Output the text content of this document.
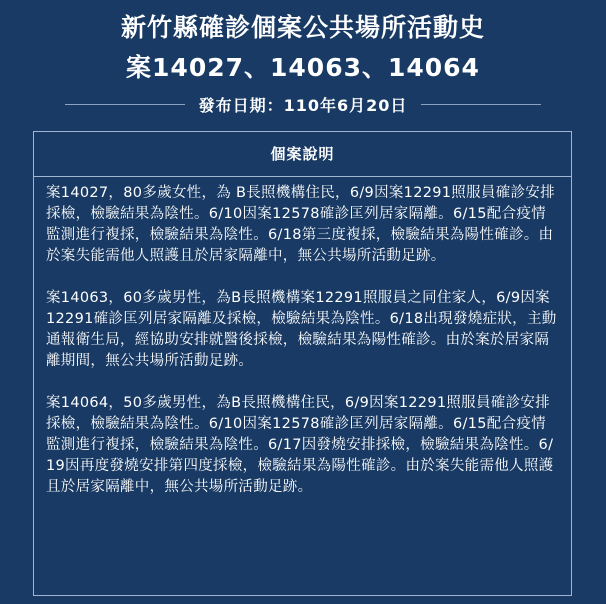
新竹縣確診個案公共場所活動史
案14027、14063、14064
發布日期：110年6月20日
個案說明

案14027，80多歲女性，為 B長照機構住民，6/9因案12291照服員確診安排採檢，檢驗結果為陰性。6/10因案12578確診匡列居家隔離。6/15配合疫情監測進行複採，檢驗結果為陰性。6/18第三度複採，檢驗結果為陽性確診。由於案失能需他人照護且於居家隔離中，無公共場所活動足跡。

案14063，60多歲男性，為B長照機構案12291照服員之同住家人，6/9因案12291確診匡列居家隔離及採檢，檢驗結果為陰性。6/18出現發燒症狀，主動通報衛生局，經協助安排就醫後採檢，檢驗結果為陽性確診。由於案於居家隔離期間，無公共場所活動足跡。

案14064，50多歲男性，為B長照機構住民，6/9因案12291照服員確診安排採檢，檢驗結果為陰性。6/10因案12578確診匡列居家隔離。6/15配合疫情監測進行複採，檢驗結果為陰性。6/17因發燒安排採檢，檢驗結果為陰性。6/19因再度發燒安排第四度採檢，檢驗結果為陽性確診。由於案失能需他人照護且於居家隔離中，無公共場所活動足跡。
